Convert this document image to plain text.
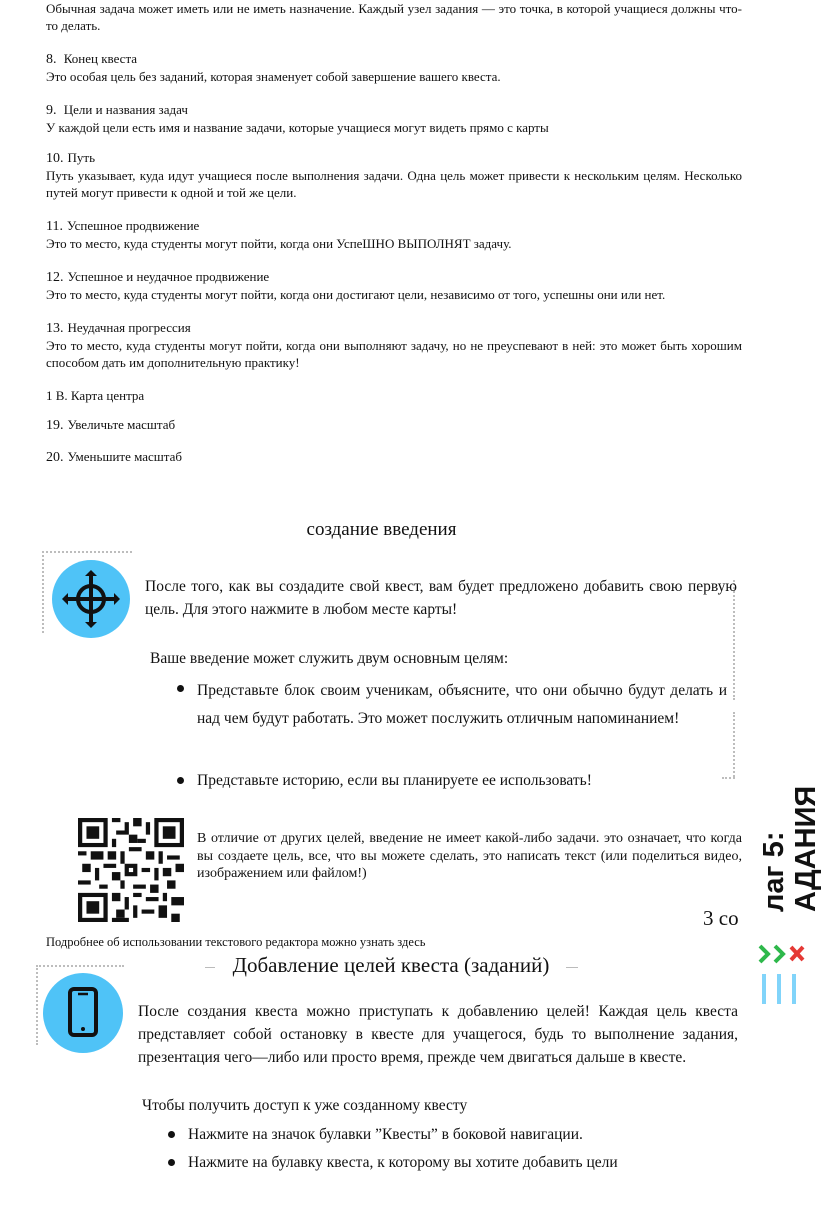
Обычная задача может иметь или не иметь назначение. Каждый узел задания — это точка, в которой учащиеся должны что-то делать.
8. Конец квеста
Это особая цель без заданий, которая знаменует собой завершение вашего квеста.
9. Цели и названия задач
У каждой цели есть имя и название задачи, которые учащиеся могут видеть прямо с карты
10. Путь
Путь указывает, куда идут учащиеся после выполнения задачи. Одна цель может привести к нескольким целям. Несколько путей могут привести к одной и той же цели.
11. Успешное продвижение
Это то место, куда студенты могут пойти, когда они УспеШНО ВЫПОЛНЯТ задачу.
12. Успешное и неудачное продвижение
Это то место, куда студенты могут пойти, когда они достигают цели, независимо от того, успешны они или нет.
13. Неудачная прогрессия
Это то место, куда студенты могут пойти, когда они выполняют задачу, но не преуспевают в ней: это может быть хорошим способом дать им дополнительную практику!
1 В. Карта центра
19. Увеличьте масштаб
20. Уменьшите масштаб
создание введения
После того, как вы создадите свой квест, вам будет предложено добавить свою первую цель. Для этого нажмите в любом месте карты!
Ваше введение может служить двум основным целям:
Представьте блок своим ученикам, объясните, что они обычно будут делать и над чем будут работать. Это может послужить отличным напоминанием!
Представьте историю, если вы планируете ее использовать!
В отличие от других целей, введение не имеет какой-либо задачи. это означает, что когда вы создаете цель, все, что вы можете сделать, это написать текст (или поделиться видео, изображением или файлом!)
Подробнее об использовании текстового редактора можно узнать здесь
лаг 5: АДАНИЯ
3 со
Добавление целей квеста (заданий)
После создания квеста можно приступать к добавлению целей! Каждая цель квеста представляет собой остановку в квесте для учащегося, будь то выполнение задания, презентация чего—либо или просто время, прежде чем двигаться дальше в квесте.
Чтобы получить доступ к уже созданному квесту
Нажмите на значок булавки ”Квесты” в боковой навигации.
Нажмите на булавку квеста, к которому вы хотите добавить цели
